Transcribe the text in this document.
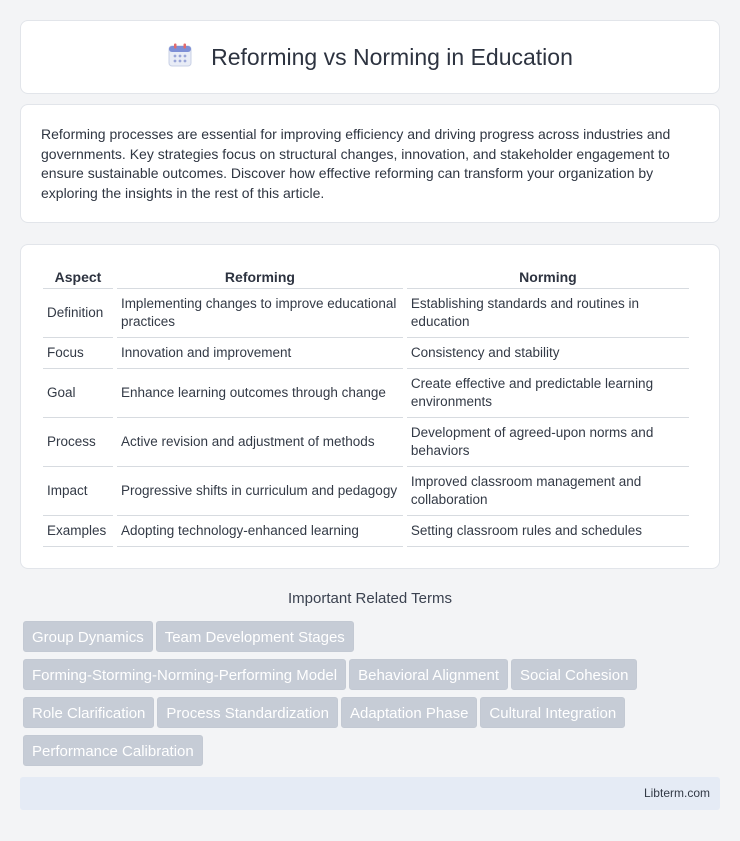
Reforming vs Norming in Education

Reforming processes are essential for improving efficiency and driving progress across industries and governments. Key strategies focus on structural changes, innovation, and stakeholder engagement to ensure sustainable outcomes. Discover how effective reforming can transform your organization by exploring the insights in the rest of this article.

Aspect	Reforming	Norming
Definition	Implementing changes to improve educational practices	Establishing standards and routines in education
Focus	Innovation and improvement	Consistency and stability
Goal	Enhance learning outcomes through change	Create effective and predictable learning environments
Process	Active revision and adjustment of methods	Development of agreed-upon norms and behaviors
Impact	Progressive shifts in curriculum and pedagogy	Improved classroom management and collaboration
Examples	Adopting technology-enhanced learning	Setting classroom rules and schedules
Important Related Terms
Group Dynamics Team Development Stages
Forming-Storming-Norming-Performing Model Behavioral Alignment Social Cohesion
Role Clarification Process Standardization Adaptation Phase Cultural Integration
Performance Calibration
Libterm.com
